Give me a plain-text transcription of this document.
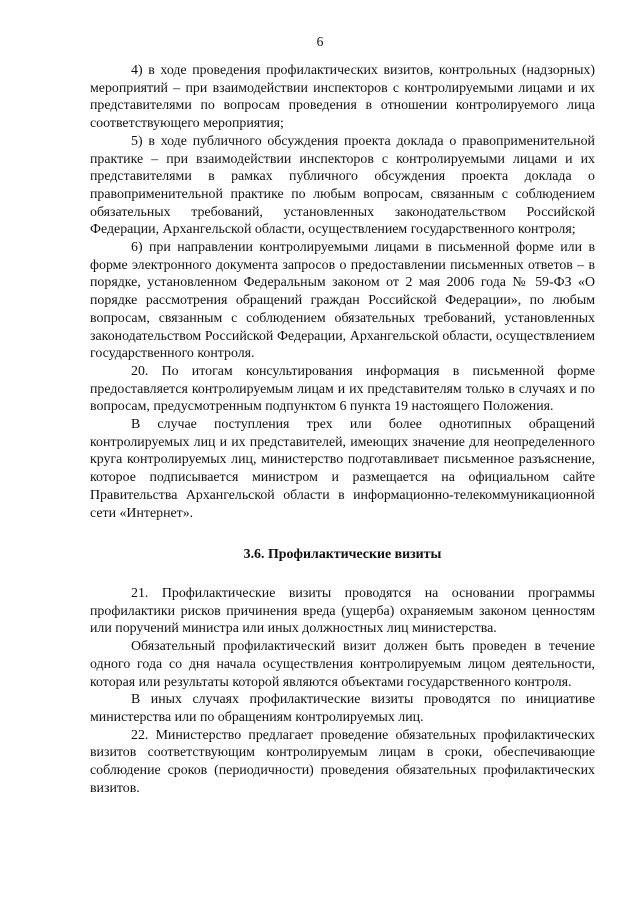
6

4) в ходе проведения профилактических визитов, контрольных (надзорных) мероприятий – при взаимодействии инспекторов с контролируемыми лицами и их представителями по вопросам проведения в отношении контролируемого лица соответствующего мероприятия;

5) в ходе публичного обсуждения проекта доклада о правоприменительной практике – при взаимодействии инспекторов с контролируемыми лицами и их представителями в рамках публичного обсуждения проекта доклада о правоприменительной практике по любым вопросам, связанным с соблюдением обязательных требований, установленных законодательством Российской Федерации, Архангельской области, осуществлением государственного контроля;

6) при направлении контролируемыми лицами в письменной форме или в форме электронного документа запросов о предоставлении письменных ответов – в порядке, установленном Федеральным законом от 2 мая 2006 года № 59-ФЗ «О порядке рассмотрения обращений граждан Российской Федерации», по любым вопросам, связанным с соблюдением обязательных требований, установленных законодательством Российской Федерации, Архангельской области, осуществлением государственного контроля.

20. По итогам консультирования информация в письменной форме предоставляется контролируемым лицам и их представителям только в случаях и по вопросам, предусмотренным подпунктом 6 пункта 19 настоящего Положения.

В случае поступления трех или более однотипных обращений контролируемых лиц и их представителей, имеющих значение для неопределенного круга контролируемых лиц, министерство подготавливает письменное разъяснение, которое подписывается министром и размещается на официальном сайте Правительства Архангельской области в информационно-телекоммуникационной сети «Интернет».

3.6. Профилактические визиты

21. Профилактические визиты проводятся на основании программы профилактики рисков причинения вреда (ущерба) охраняемым законом ценностям или поручений министра или иных должностных лиц министерства.

Обязательный профилактический визит должен быть проведен в течение одного года со дня начала осуществления контролируемым лицом деятельности, которая или результаты которой являются объектами государственного контроля.

В иных случаях профилактические визиты проводятся по инициативе министерства или по обращениям контролируемых лиц.

22. Министерство предлагает проведение обязательных профилактических визитов соответствующим контролируемым лицам в сроки, обеспечивающие соблюдение сроков (периодичности) проведения обязательных профилактических визитов.
